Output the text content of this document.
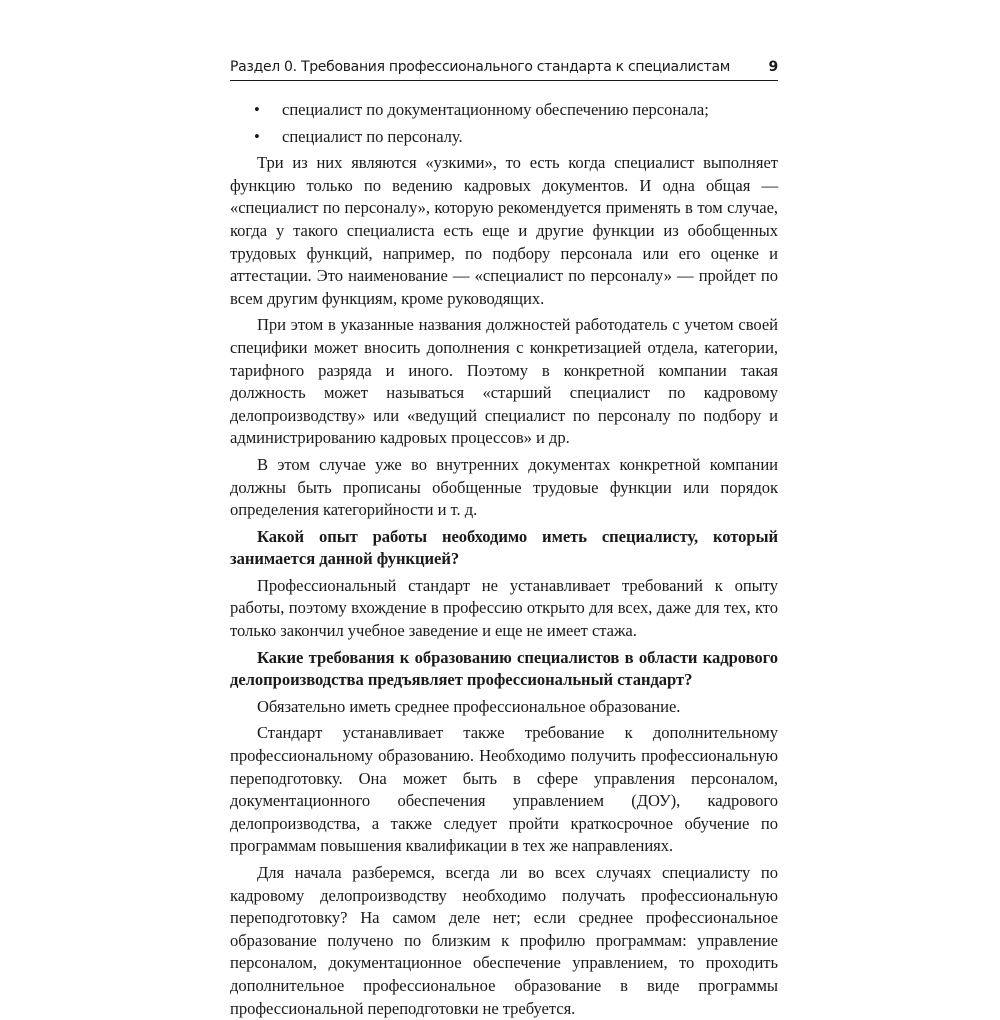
Раздел 0. Требования профессионального стандарта к специалистам	9
• специалист по документационному обеспечению персонала;
• специалист по персоналу.

Три из них являются «узкими», то есть когда специалист выполняет функцию только по ведению кадровых документов. И одна общая — «специалист по персоналу», которую рекомендуется применять в том случае, когда у такого специалиста есть еще и другие функции из обобщенных трудовых функций, например, по подбору персонала или его оценке и аттестации. Это наименование — «специалист по персоналу» — пройдет по всем другим функциям, кроме руководящих.

При этом в указанные названия должностей работодатель с учетом своей специфики может вносить дополнения с конкретизацией отдела, категории, тарифного разряда и иного. Поэтому в конкретной компании такая должность может называться «старший специалист по кадровому делопроизводству» или «ведущий специалист по персоналу по подбору и администрированию кадровых процессов» и др.

В этом случае уже во внутренних документах конкретной компании должны быть прописаны обобщенные трудовые функции или порядок определения категорийности и т. д.

Какой опыт работы необходимо иметь специалисту, который занимается данной функцией?

Профессиональный стандарт не устанавливает требований к опыту работы, поэтому вхождение в профессию открыто для всех, даже для тех, кто только закончил учебное заведение и еще не имеет стажа.

Какие требования к образованию специалистов в области кадрового делопроизводства предъявляет профессиональный стандарт?

Обязательно иметь среднее профессиональное образование.

Стандарт устанавливает также требование к дополнительному профессиональному образованию. Необходимо получить профессиональную переподготовку. Она может быть в сфере управления персоналом, документационного обеспечения управлением (ДОУ), кадрового делопроизводства, а также следует пройти краткосрочное обучение по программам повышения квалификации в тех же направлениях.

Для начала разберемся, всегда ли во всех случаях специалисту по кадровому делопроизводству необходимо получать профессиональную переподготовку? На самом деле нет; если среднее профессиональное образование получено по близким к профилю программам: управление персоналом, документационное обеспечение управлением, то проходить дополнительное профессиональное образование в виде программы профессиональной переподготовки не требуется.
